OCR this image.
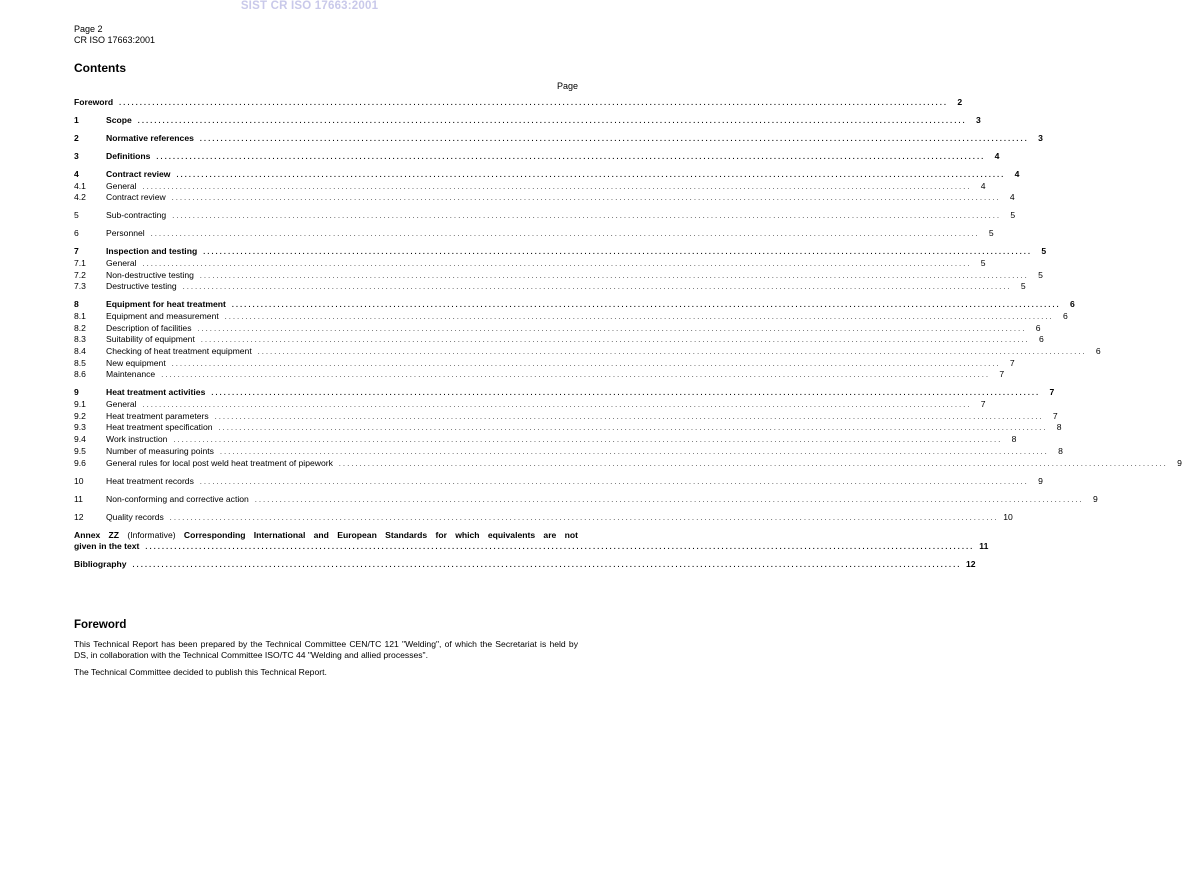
SIST CR ISO 17663:2001
Page 2
CR ISO 17663:2001
Contents
Page
Foreword ........................................................................................................................................................................................................	2
1	Scope ........................................................................................................................................................................................................	3
2	Normative references ........................................................................................................................................................................................................	3
3	Definitions ........................................................................................................................................................................................................	4
4	Contract review ........................................................................................................................................................................................................	4
4.1	General ........................................................................................................................................................................................................	4
4.2	Contract review ........................................................................................................................................................................................................	4
5	Sub-contracting ........................................................................................................................................................................................................	5
6	Personnel ........................................................................................................................................................................................................	5
7	Inspection and testing ........................................................................................................................................................................................................	5
7.1	General ........................................................................................................................................................................................................	5
7.2	Non-destructive testing ........................................................................................................................................................................................................	5
7.3	Destructive testing ........................................................................................................................................................................................................	5
8	Equipment for heat treatment ........................................................................................................................................................................................................	6
8.1	Equipment and measurement ........................................................................................................................................................................................................	6
8.2	Description of facilities ........................................................................................................................................................................................................	6
8.3	Suitability of equipment ........................................................................................................................................................................................................	6
8.4	Checking of heat treatment equipment ........................................................................................................................................................................................................	6
8.5	New equipment ........................................................................................................................................................................................................	7
8.6	Maintenance ........................................................................................................................................................................................................	7
9	Heat treatment activities ........................................................................................................................................................................................................	7
9.1	General ........................................................................................................................................................................................................	7
9.2	Heat treatment parameters ........................................................................................................................................................................................................	7
9.3	Heat treatment specification ........................................................................................................................................................................................................	8
9.4	Work instruction ........................................................................................................................................................................................................	8
9.5	Number of measuring points ........................................................................................................................................................................................................	8
9.6	General rules for local post weld heat treatment of pipework ........................................................................................................................................................................................................	9
10	Heat treatment records ........................................................................................................................................................................................................	9
11	Non-conforming and corrective action ........................................................................................................................................................................................................	9
12	Quality records ........................................................................................................................................................................................................ 10
Annex ZZ (Informative) Corresponding International and European Standards for which equivalents are not
given in the text ........................................................................................................................................................................................................ 11
Bibliography ........................................................................................................................................................................................................ 12
Foreword
This Technical Report has been prepared by the Technical Committee CEN/TC 121 "Welding", of which the Secretariat is held by DS, in collaboration with the Technical Committee ISO/TC 44 "Welding and allied processes".
The Technical Committee decided to publish this Technical Report.
